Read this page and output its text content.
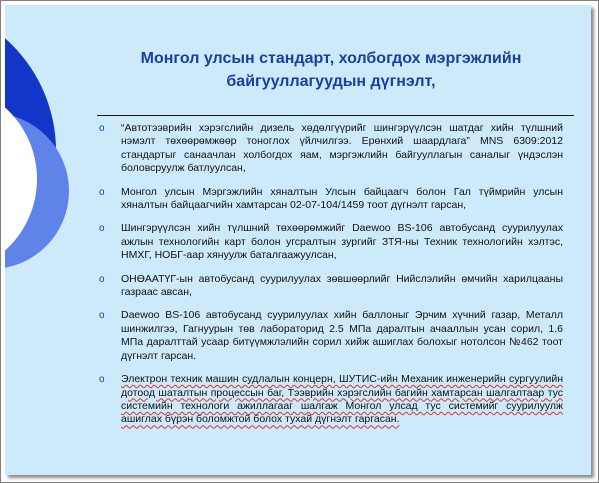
Монгол улсын стандарт, холбогдох мэргэжлийн
байгууллагуудын дүгнэлт,
o “Автотээврийн хэрэгслийн дизель хөдөлгүүрийг шингэрүүлсэн шатдаг хийн түлшний нэмэлт төхөөрөмжөөр тоноглох үйлчилгээ. Ерөнхий шаардлага” MNS 6309:2012 стандартыг санаачлан холбогдох яам, мэргэжлийн байгууллагын саналыг үндэслэн боловсруулж батлуулсан,
o Монгол улсын Мэргэжлийн хяналтын Улсын байцаагч болон Гал түймрийн улсын хяналтын байцаагчийн хамтарсан 02-07-104/1459 тоот дүгнэлт гарсан,
o Шингэрүүлсэн хийн түлшний төхөөрөмжийг Daewoo BS-106 автобусанд суурилуулах ажлын технологийн карт болон угсралтын зургийг ЗТЯ-ны Техник технологийн хэлтэс, НМХГ, НОБГ-аар хянуулж баталгаажуулсан,
o ОНӨААТҮГ-ын автобусанд суурилуулах зөвшөөрлийг Нийслэлийн өмчийн харилцааны газраас авсан,
o Daewoo BS-106 автобусанд суурилуулах хийн баллоныг Эрчим хүчний газар, Металл шинжилгээ, Гагнуурын төв лабораторид 2.5 МПа даралтын ачааллын усан сорил, 1.6 МПа даралттай усаар битүүмжлэлийн сорил хийж ашиглах болохыг нотолсон №462 тоот дүгнэлт гарсан.
o Электрон техник машин судлалын концерн, ШУТИС-ийн Механик инженерийн сургуулийн дотоод шаталтын процессын баг, Тээврийн хэрэгслийн багийн хамтарсан шалгалтаар тус системийн технологи ажиллагааг шалгаж Монгол улсад тус системийг суурилуулж ашиглах бүрэн боломжтой болох тухай дүгнэлт гаргасан.
